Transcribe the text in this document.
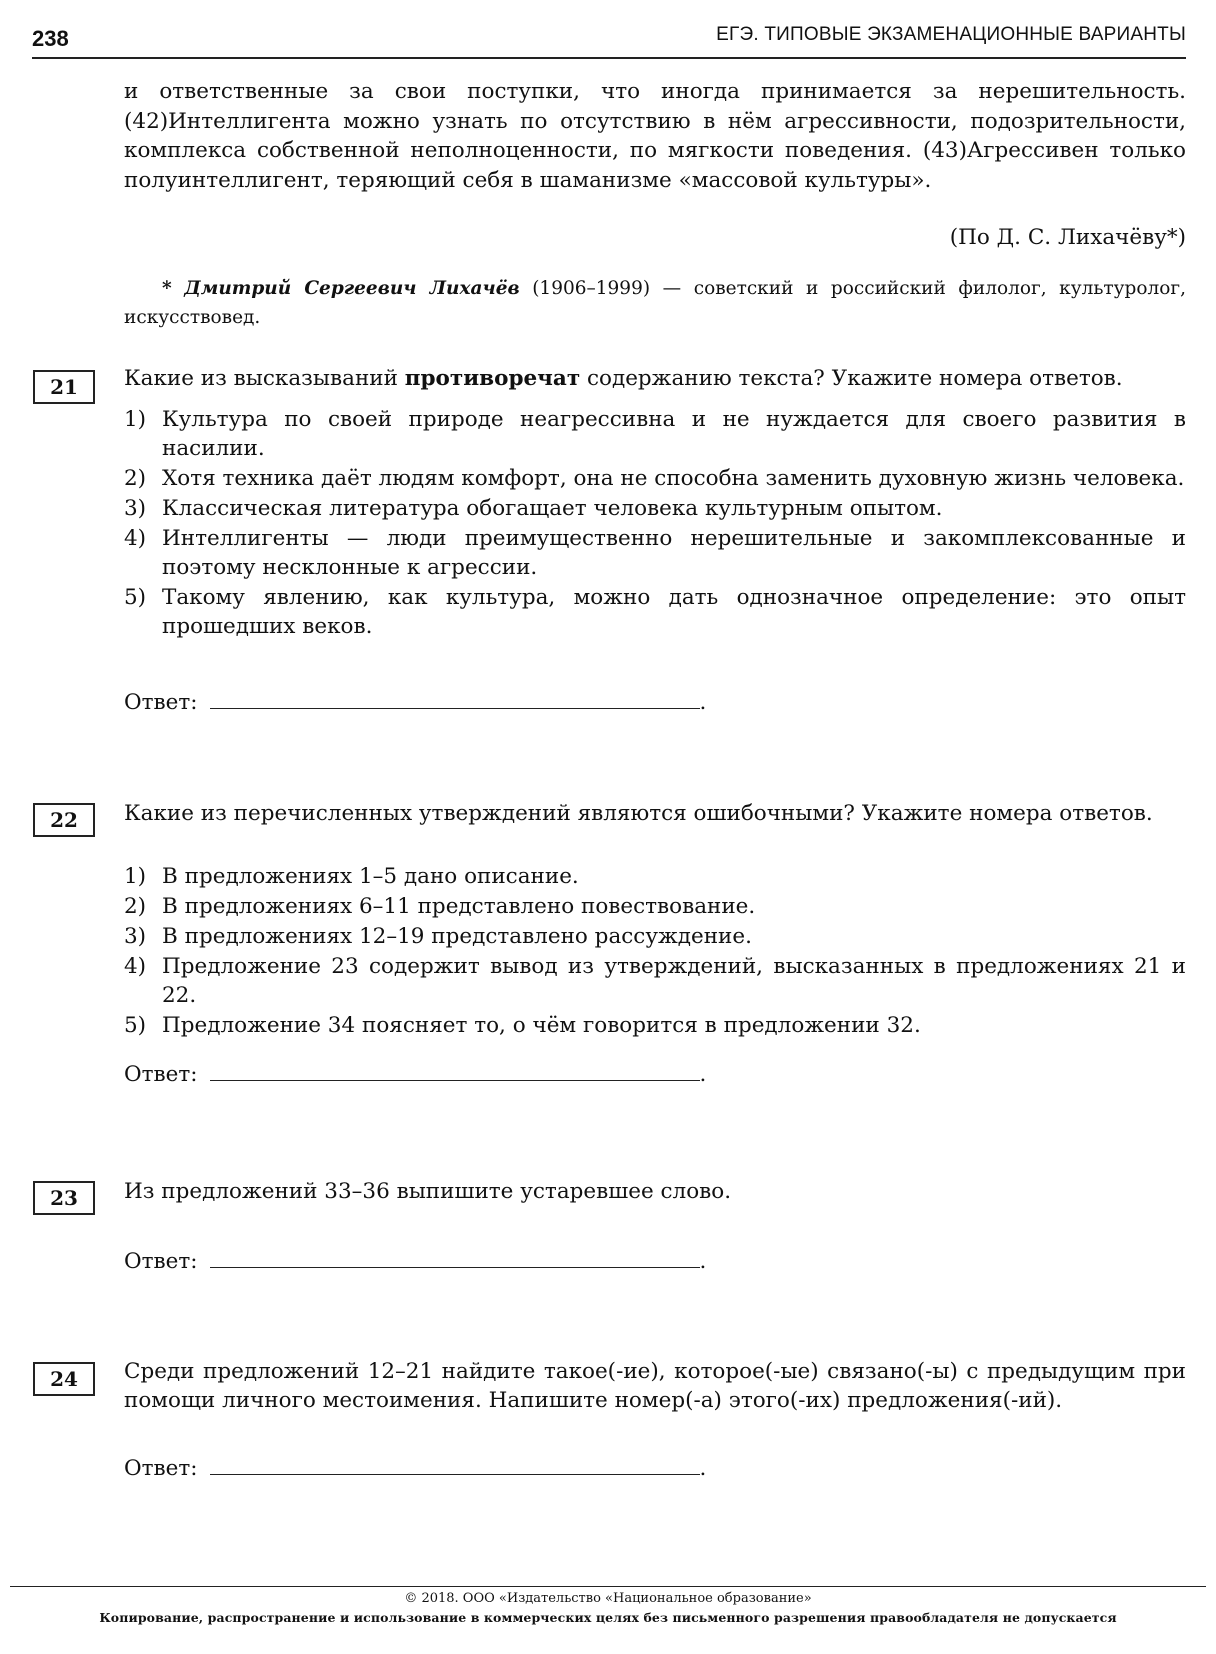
238	ЕГЭ. ТИПОВЫЕ ЭКЗАМЕНАЦИОННЫЕ ВАРИАНТЫ
и ответственные за свои поступки, что иногда принимается за нерешительность. (42)Интеллигента можно узнать по отсутствию в нём агрессивности, подозрительности, комплекса собственной неполноценности, по мягкости поведения. (43)Агрессивен только полуинтеллигент, теряющий себя в шаманизме «массовой культуры».
(По Д. С. Лихачёву*)
* Дмитрий Сергеевич Лихачёв (1906–1999) — советский и российский филолог, культуролог, искусствовед.
21	Какие из высказываний противоречат содержанию текста? Укажите номера ответов.
1) Культура по своей природе неагрессивна и не нуждается для своего развития в насилии.
2) Хотя техника даёт людям комфорт, она не способна заменить духовную жизнь человека.
3) Классическая литература обогащает человека культурным опытом.
4) Интеллигенты — люди преимущественно нерешительные и закомплексованные и поэтому несклонные к агрессии.
5) Такому явлению, как культура, можно дать однозначное определение: это опыт прошедших веков.
Ответ:	.
22	Какие из перечисленных утверждений являются ошибочными? Укажите номера ответов.
1) В предложениях 1–5 дано описание.
2) В предложениях 6–11 представлено повествование.
3) В предложениях 12–19 представлено рассуждение.
4) Предложение 23 содержит вывод из утверждений, высказанных в предложениях 21 и 22.
5) Предложение 34 поясняет то, о чём говорится в предложении 32.
Ответ:	.
23	Из предложений 33–36 выпишите устаревшее слово.
Ответ:	.
24	Среди предложений 12–21 найдите такое(-ие), которое(-ые) связано(-ы) с предыдущим при помощи личного местоимения. Напишите номер(-а) этого(-их) предложения(-ий).
Ответ:	.
© 2018. ООО «Издательство «Национальное образование»
Копирование, распространение и использование в коммерческих целях без письменного разрешения правообладателя не допускается
